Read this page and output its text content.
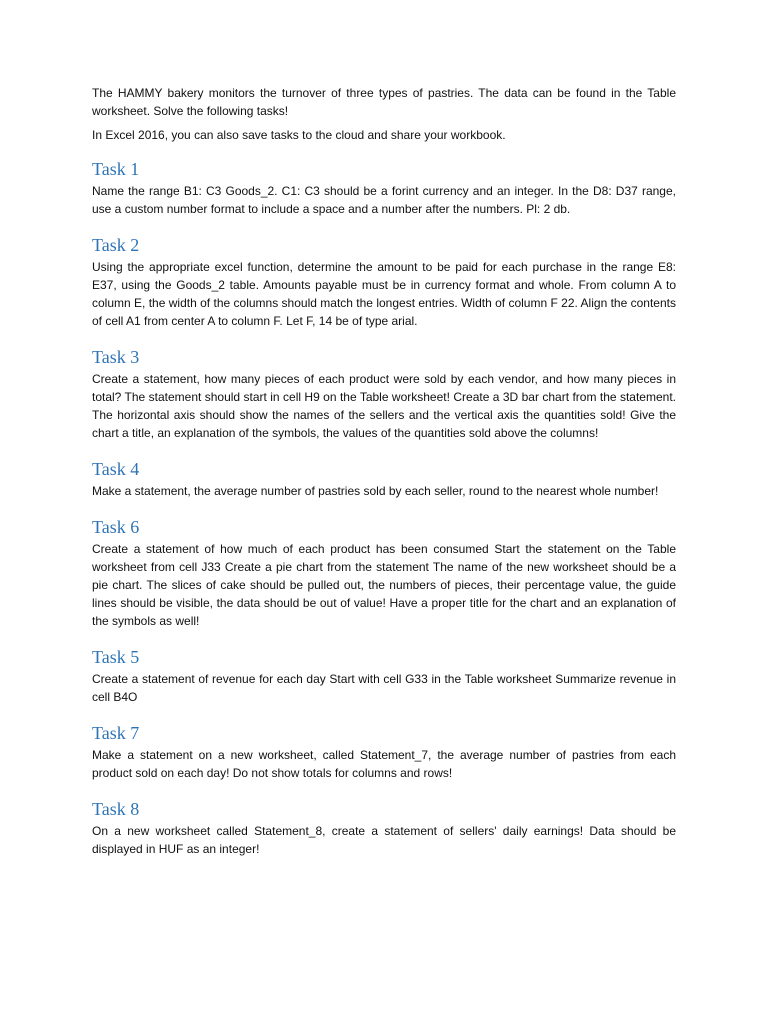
The HAMMY bakery monitors the turnover of three types of pastries. The data can be found in the Table worksheet. Solve the following tasks!

In Excel 2016, you can also save tasks to the cloud and share your workbook.

Task 1

Name the range B1: C3 Goods_2. C1: C3 should be a forint currency and an integer. In the D8: D37 range, use a custom number format to include a space and a number after the numbers. Pl: 2 db.

Task 2

Using the appropriate excel function, determine the amount to be paid for each purchase in the range E8: E37, using the Goods_2 table. Amounts payable must be in currency format and whole. From column A to column E, the width of the columns should match the longest entries. Width of column F 22. Align the contents of cell A1 from center A to column F. Let F, 14 be of type arial.

Task 3

Create a statement, how many pieces of each product were sold by each vendor, and how many pieces in total? The statement should start in cell H9 on the Table worksheet! Create a 3D bar chart from the statement. The horizontal axis should show the names of the sellers and the vertical axis the quantities sold! Give the chart a title, an explanation of the symbols, the values of the quantities sold above the columns!

Task 4

Make a statement, the average number of pastries sold by each seller, round to the nearest whole number!

Task 6

Create a statement of how much of each product has been consumed Start the statement on the Table worksheet from cell J33 Create a pie chart from the statement The name of the new worksheet should be a pie chart. The slices of cake should be pulled out, the numbers of pieces, their percentage value, the guide lines should be visible, the data should be out of value! Have a proper title for the chart and an explanation of the symbols as well!

Task 5

Create a statement of revenue for each day Start with cell G33 in the Table worksheet Summarize revenue in cell B4O

Task 7

Make a statement on a new worksheet, called Statement_7, the average number of pastries from each product sold on each day! Do not show totals for columns and rows!

Task 8

On a new worksheet called Statement_8, create a statement of sellers' daily earnings! Data should be displayed in HUF as an integer!
